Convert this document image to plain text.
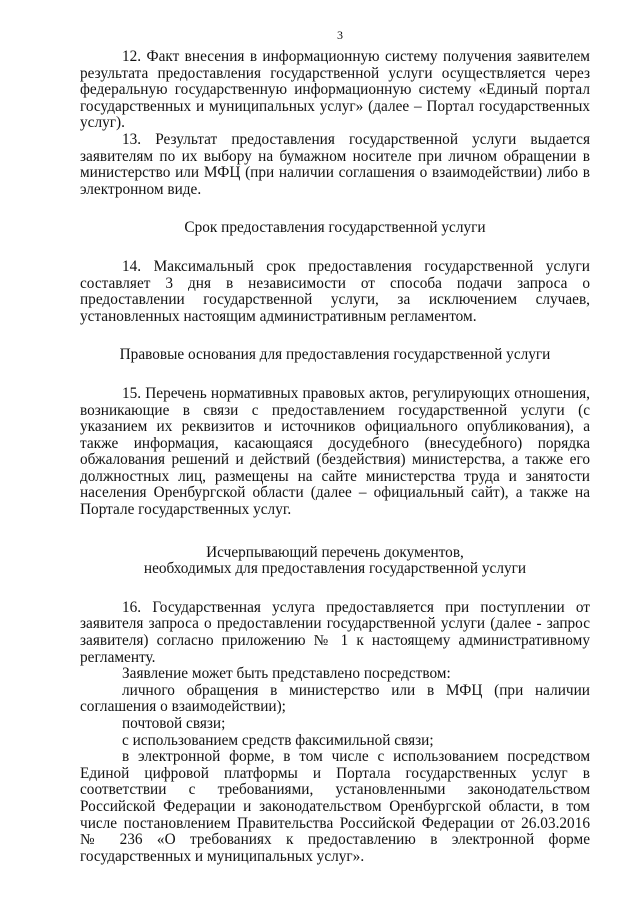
3

12. Факт внесения в информационную систему получения заявителем результата предоставления государственной услуги осуществляется через федеральную государственную информационную систему «Единый портал государственных и муниципальных услуг» (далее – Портал государственных услуг).

13. Результат предоставления государственной услуги выдается заявителям по их выбору на бумажном носителе при личном обращении в министерство или МФЦ (при наличии соглашения о взаимодействии) либо в электронном виде.

Срок предоставления государственной услуги

14. Максимальный срок предоставления государственной услуги составляет 3 дня в независимости от способа подачи запроса о предоставлении государственной услуги, за исключением случаев, установленных настоящим административным регламентом.

Правовые основания для предоставления государственной услуги

15. Перечень нормативных правовых актов, регулирующих отношения, возникающие в связи с предоставлением государственной услуги (с указанием их реквизитов и источников официального опубликования), а также информация, касающаяся досудебного (внесудебного) порядка обжалования решений и действий (бездействия) министерства, а также его должностных лиц, размещены на сайте министерства труда и занятости населения Оренбургской области (далее – официальный сайт), а также на Портале государственных услуг.

Исчерпывающий перечень документов,
необходимых для предоставления государственной услуги

16. Государственная услуга предоставляется при поступлении от заявителя запроса о предоставлении государственной услуги (далее - запрос заявителя) согласно приложению № 1 к настоящему административному регламенту.

Заявление может быть представлено посредством:

личного обращения в министерство или в МФЦ (при наличии соглашения о взаимодействии);

почтовой связи;

с использованием средств факсимильной связи;

в электронной форме, в том числе с использованием посредством Единой цифровой платформы и Портала государственных услуг в соответствии с требованиями, установленными законодательством Российской Федерации и законодательством Оренбургской области, в том числе постановлением Правительства Российской Федерации от 26.03.2016 № 236 «О требованиях к предоставлению в электронной форме государственных и муниципальных услуг».
